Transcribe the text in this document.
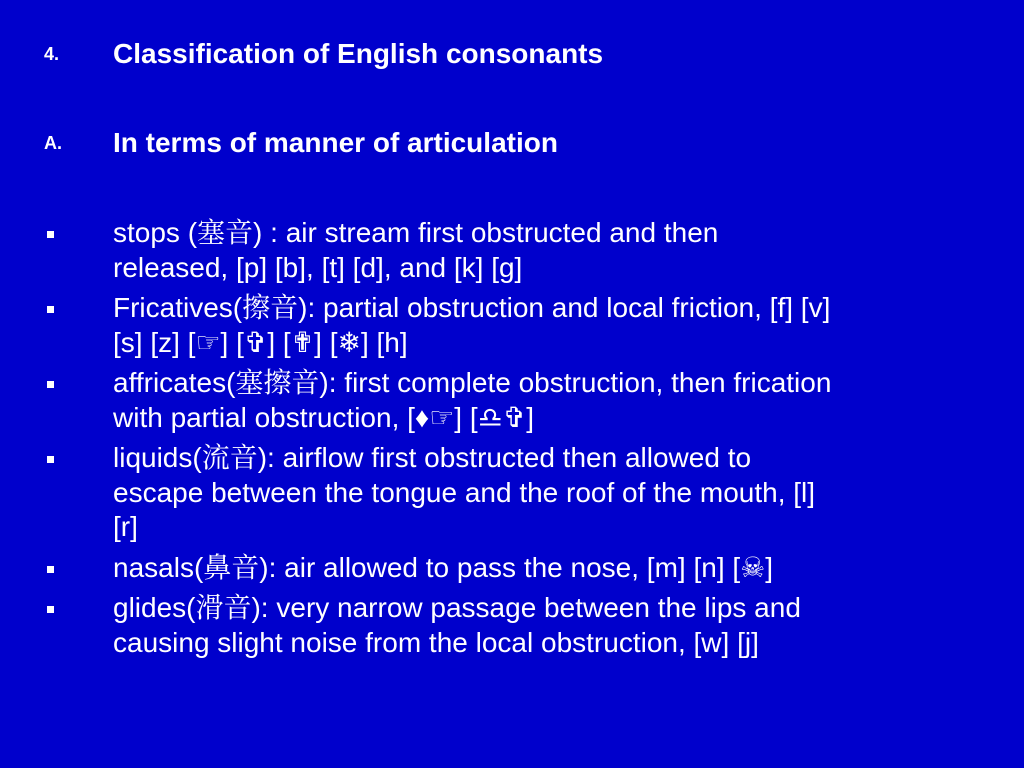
4. Classification of English consonants
A. In terms of manner of articulation
stops (塞音) : air stream first obstructed and then
released, [p] [b], [t] [d], and [k] [g]
Fricatives(擦音): partial obstruction and local friction, [f] [v]
[s] [z] [☞] [✞] [✟] [❄] [h]
affricates(塞擦音): first complete obstruction, then frication
with partial obstruction, [♦☞] [♎✞]
liquids(流音): airflow first obstructed then allowed to
escape between the tongue and the roof of the mouth, [l]
[r]
nasals(鼻音): air allowed to pass the nose, [m] [n] [☠]
glides(滑音): very narrow passage between the lips and
causing slight noise from the local obstruction, [w] [j]
